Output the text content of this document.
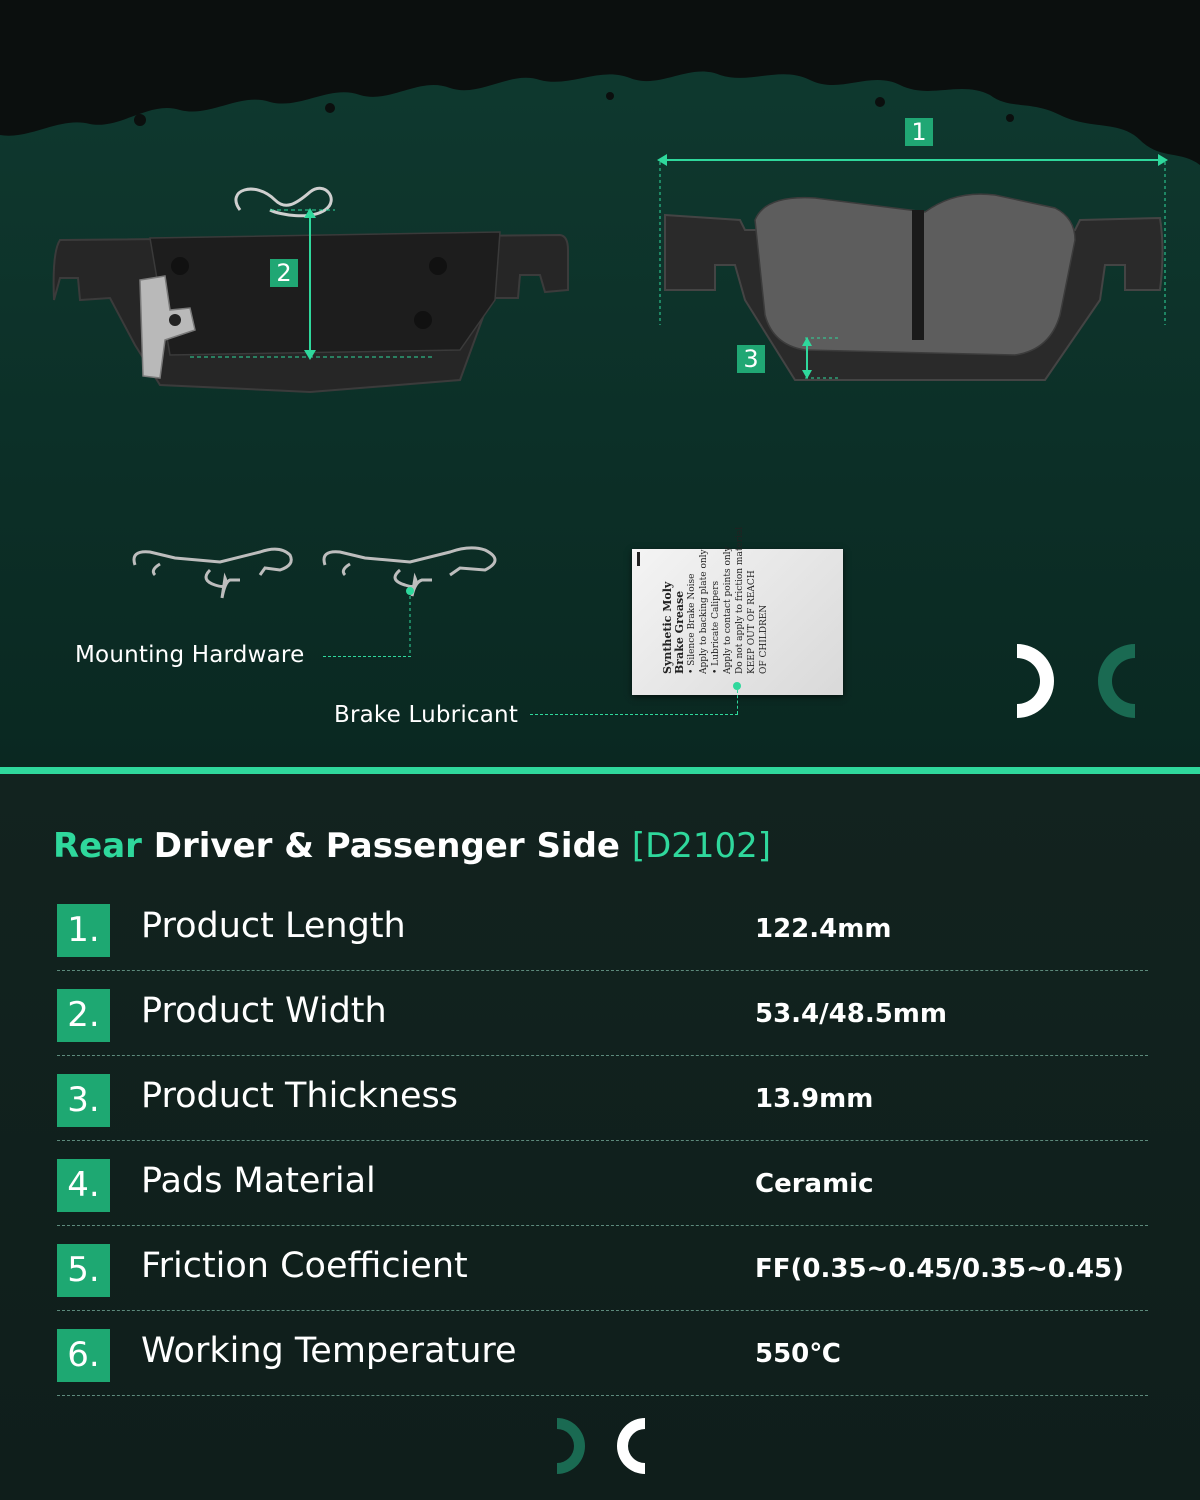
2
1
3
Mounting Hardware	Synthetic Moly Brake Grease • Silence Brake Noise Apply to backing plate only • Lubricate Calipers Apply to contact points only Do not apply to friction material KEEP OUT OF REACH OF CHILDREN
Brake Lubricant
Rear Driver & Passenger Side [D2102]
1. Product Length	122.4mm
2. Product Width	53.4/48.5mm
3. Product Thickness	13.9mm
4. Pads Material	Ceramic
5. Friction Coefficient	FF(0.35~0.45/0.35~0.45)
6. Working Temperature	550℃
